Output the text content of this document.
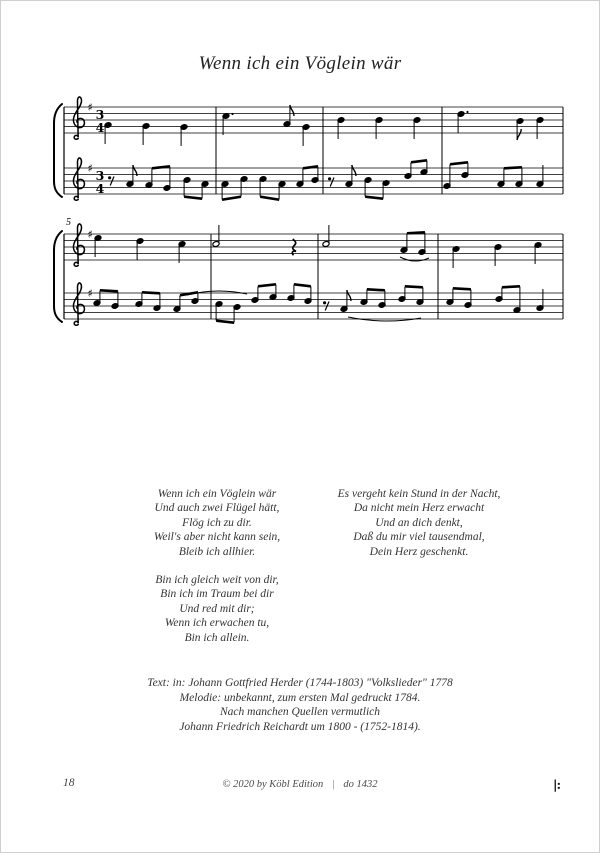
Wenn ich ein Vöglein wär
♯ 3
4
♯ 3
4
5
♯
♯
Wenn ich ein Vöglein wär
Und auch zwei Flügel hätt,
Flög ich zu dir.
Weil's aber nicht kann sein,
Bleib ich allhier.
Bin ich gleich weit von dir,
Bin ich im Traum bei dir
Und red mit dir;
Wenn ich erwachen tu,
Bin ich allein.
Es vergeht kein Stund in der Nacht,
Da nicht mein Herz erwacht
Und an dich denkt,
Daß du mir viel tausendmal,
Dein Herz geschenkt.
Text: in: Johann Gottfried Herder (1744-1803) "Volkslieder" 1778
Melodie: unbekannt, zum ersten Mal gedruckt 1784.
Nach manchen Quellen vermutlich
Johann Friedrich Reichardt um 1800 - (1752-1814).
18	© 2020 by Köbl Edition | do 1432	|:
